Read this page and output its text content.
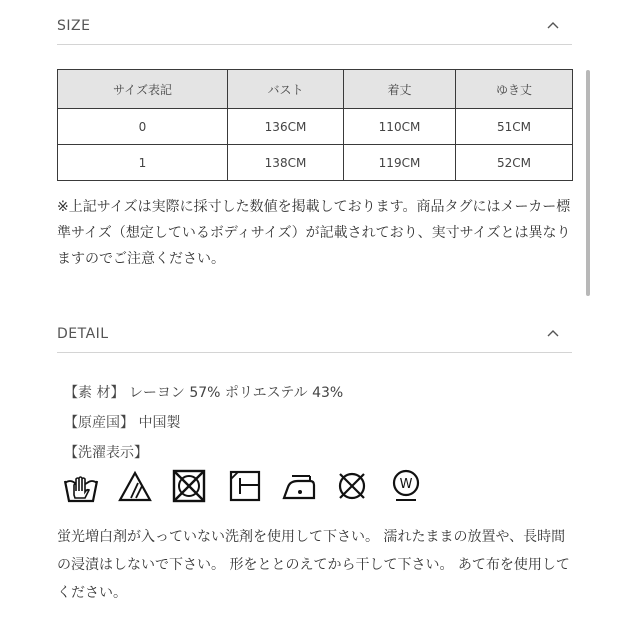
SIZE
サイズ表記	バスト	着丈	ゆき丈
0	136CM	110CM	51CM
1	138CM	119CM	52CM

※上記サイズは実際に採寸した数値を掲載しております。商品タグにはメーカー標準サイズ（想定しているボディサイズ）が記載されており、実寸サイズとは異なりますのでご注意ください。

DETAIL
【素 材】 レーヨン 57% ポリエステル 43%
【原産国】 中国製
【洗濯表示】
W

蛍光増白剤が入っていない洗剤を使用して下さい。 濡れたままの放置や、長時間の浸漬はしないで下さい。 形をととのえてから干して下さい。 あて布を使用してください。
